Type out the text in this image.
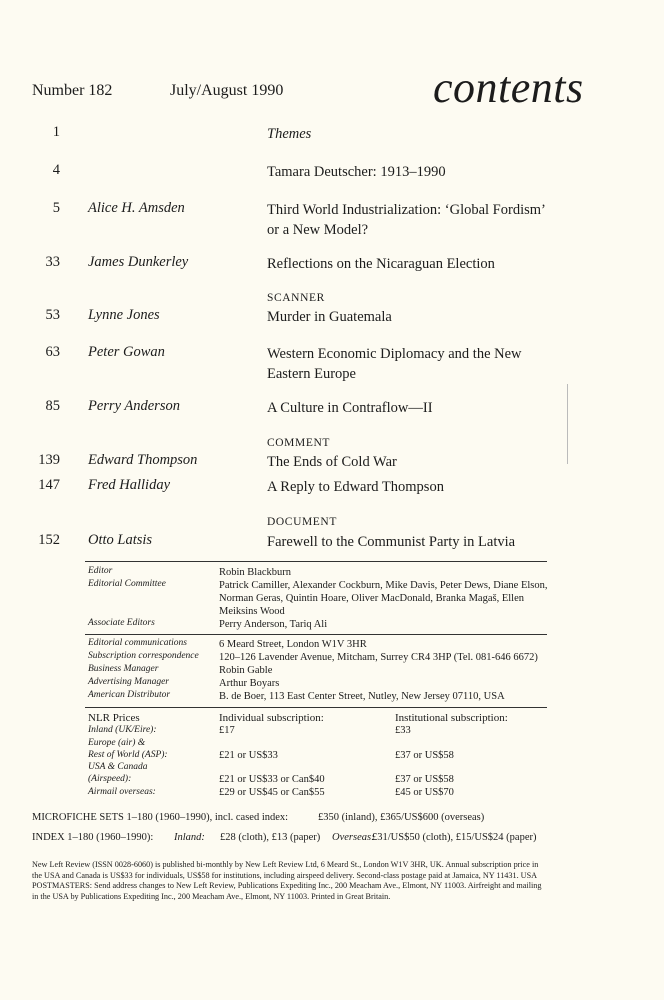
Number 182	July/August 1990	contents
1	Themes
4	Tamara Deutscher: 1913–1990
5 Alice H. Amsden	Third World Industrialization: ‘Global Fordism’ or a New Model?
33 James Dunkerley	Reflections on the Nicaraguan Election
SCANNER
53 Lynne Jones	Murder in Guatemala
63 Peter Gowan	Western Economic Diplomacy and the New Eastern Europe
85 Perry Anderson	A Culture in Contraflow—II
COMMENT
139 Edward Thompson	The Ends of Cold War
147 Fred Halliday	A Reply to Edward Thompson
DOCUMENT
152 Otto Latsis	Farewell to the Communist Party in Latvia
Editor	Robin Blackburn
Editorial Committee	Patrick Camiller, Alexander Cockburn, Mike Davis, Peter Dews, Diane Elson, Norman Geras, Quintin Hoare, Oliver MacDonald, Branka Magaš, Ellen Meiksins Wood
Associate Editors	Perry Anderson, Tariq Ali
Editorial communications	6 Meard Street, London W1V 3HR
Subscription correspondence 120–126 Lavender Avenue, Mitcham, Surrey CR4 3HP (Tel. 081-646 6672)
Business Manager	Robin Gable
Advertising Manager	Arthur Boyars
American Distributor	B. de Boer, 113 East Center Street, Nutley, New Jersey 07110, USA
NLR Prices	Individual subscription:	Institutional subscription:
Inland (UK/Eire):	£17	£33
Europe (air) &
Rest of World (ASP):	£21 or US$33	£37 or US$58
USA & Canada
(Airspeed):	£21 or US$33 or Can$40	£37 or US$58
Airmail overseas:	£29 or US$45 or Can$55	£45 or US$70
MICROFICHE SETS 1–180 (1960–1990), incl. cased index:	£350 (inland), £365/US$600 (overseas)
INDEX 1–180 (1960–1990): Inland: £28 (cloth), £13 (paper) Overseas:
£31/US$50 (cloth), £15/US$24 (paper)
New Left Review (ISSN 0028-6060) is published bi-monthly by New Left Review Ltd, 6 Meard St., London W1V 3HR, UK. Annual subscription price in the USA and Canada is US$33 for individuals, US$58 for institutions, including airspeed delivery. Second-class postage paid at Jamaica, NY 11431. USA POSTMASTERS: Send address changes to New Left Review, Publications Expediting Inc., 200 Meacham Ave., Elmont, NY 11003. Airfreight and mailing in the USA by Publications Expediting Inc., 200 Meacham Ave., Elmont, NY 11003. Printed in Great Britain.
